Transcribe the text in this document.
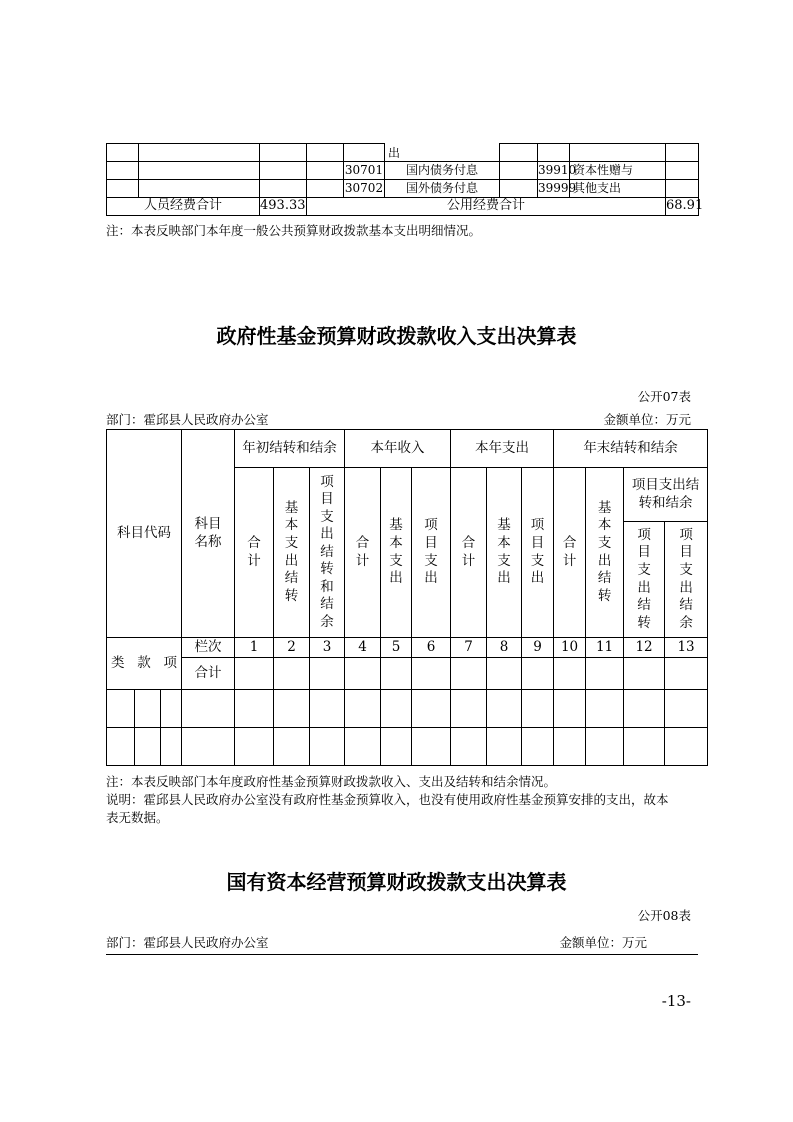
					出				
				30701	国内债务付息		39910	资本性赠与	
				30702	国外债务付息		39999	其他支出	
人员经费合计		493.33	公用经费合计						68.91
注：本表反映部门本年度一般公共预算财政拨款基本支出明细情况。
政府性基金预算财政拨款收入支出决算表
公开07表
部门：霍邱县人民政府办公室	金额单位：万元
科目代码			科目名称	年初结转和结余			本年收入			本年支出			年末结转和结余			
				合计	基本支出结转	项目支出结转和结余	合计	基本支出	项目支出	合计	基本支出	项目支出	合计	基本支出结转	项目支出结转和结余	
															项目支出结转	项目支出结余

类 款 项			栏次	1	2	3	4	5	6	7	8	9	10	11	12	13
			合计													

注：本表反映部门本年度政府性基金预算财政拨款收入、支出及结转和结余情况。
说明：霍邱县人民政府办公室没有政府性基金预算收入，也没有使用政府性基金预算安排的支出，故本
表无数据。
国有资本经营预算财政拨款支出决算表
公开08表
部门：霍邱县人民政府办公室	金额单位：万元
-13-
